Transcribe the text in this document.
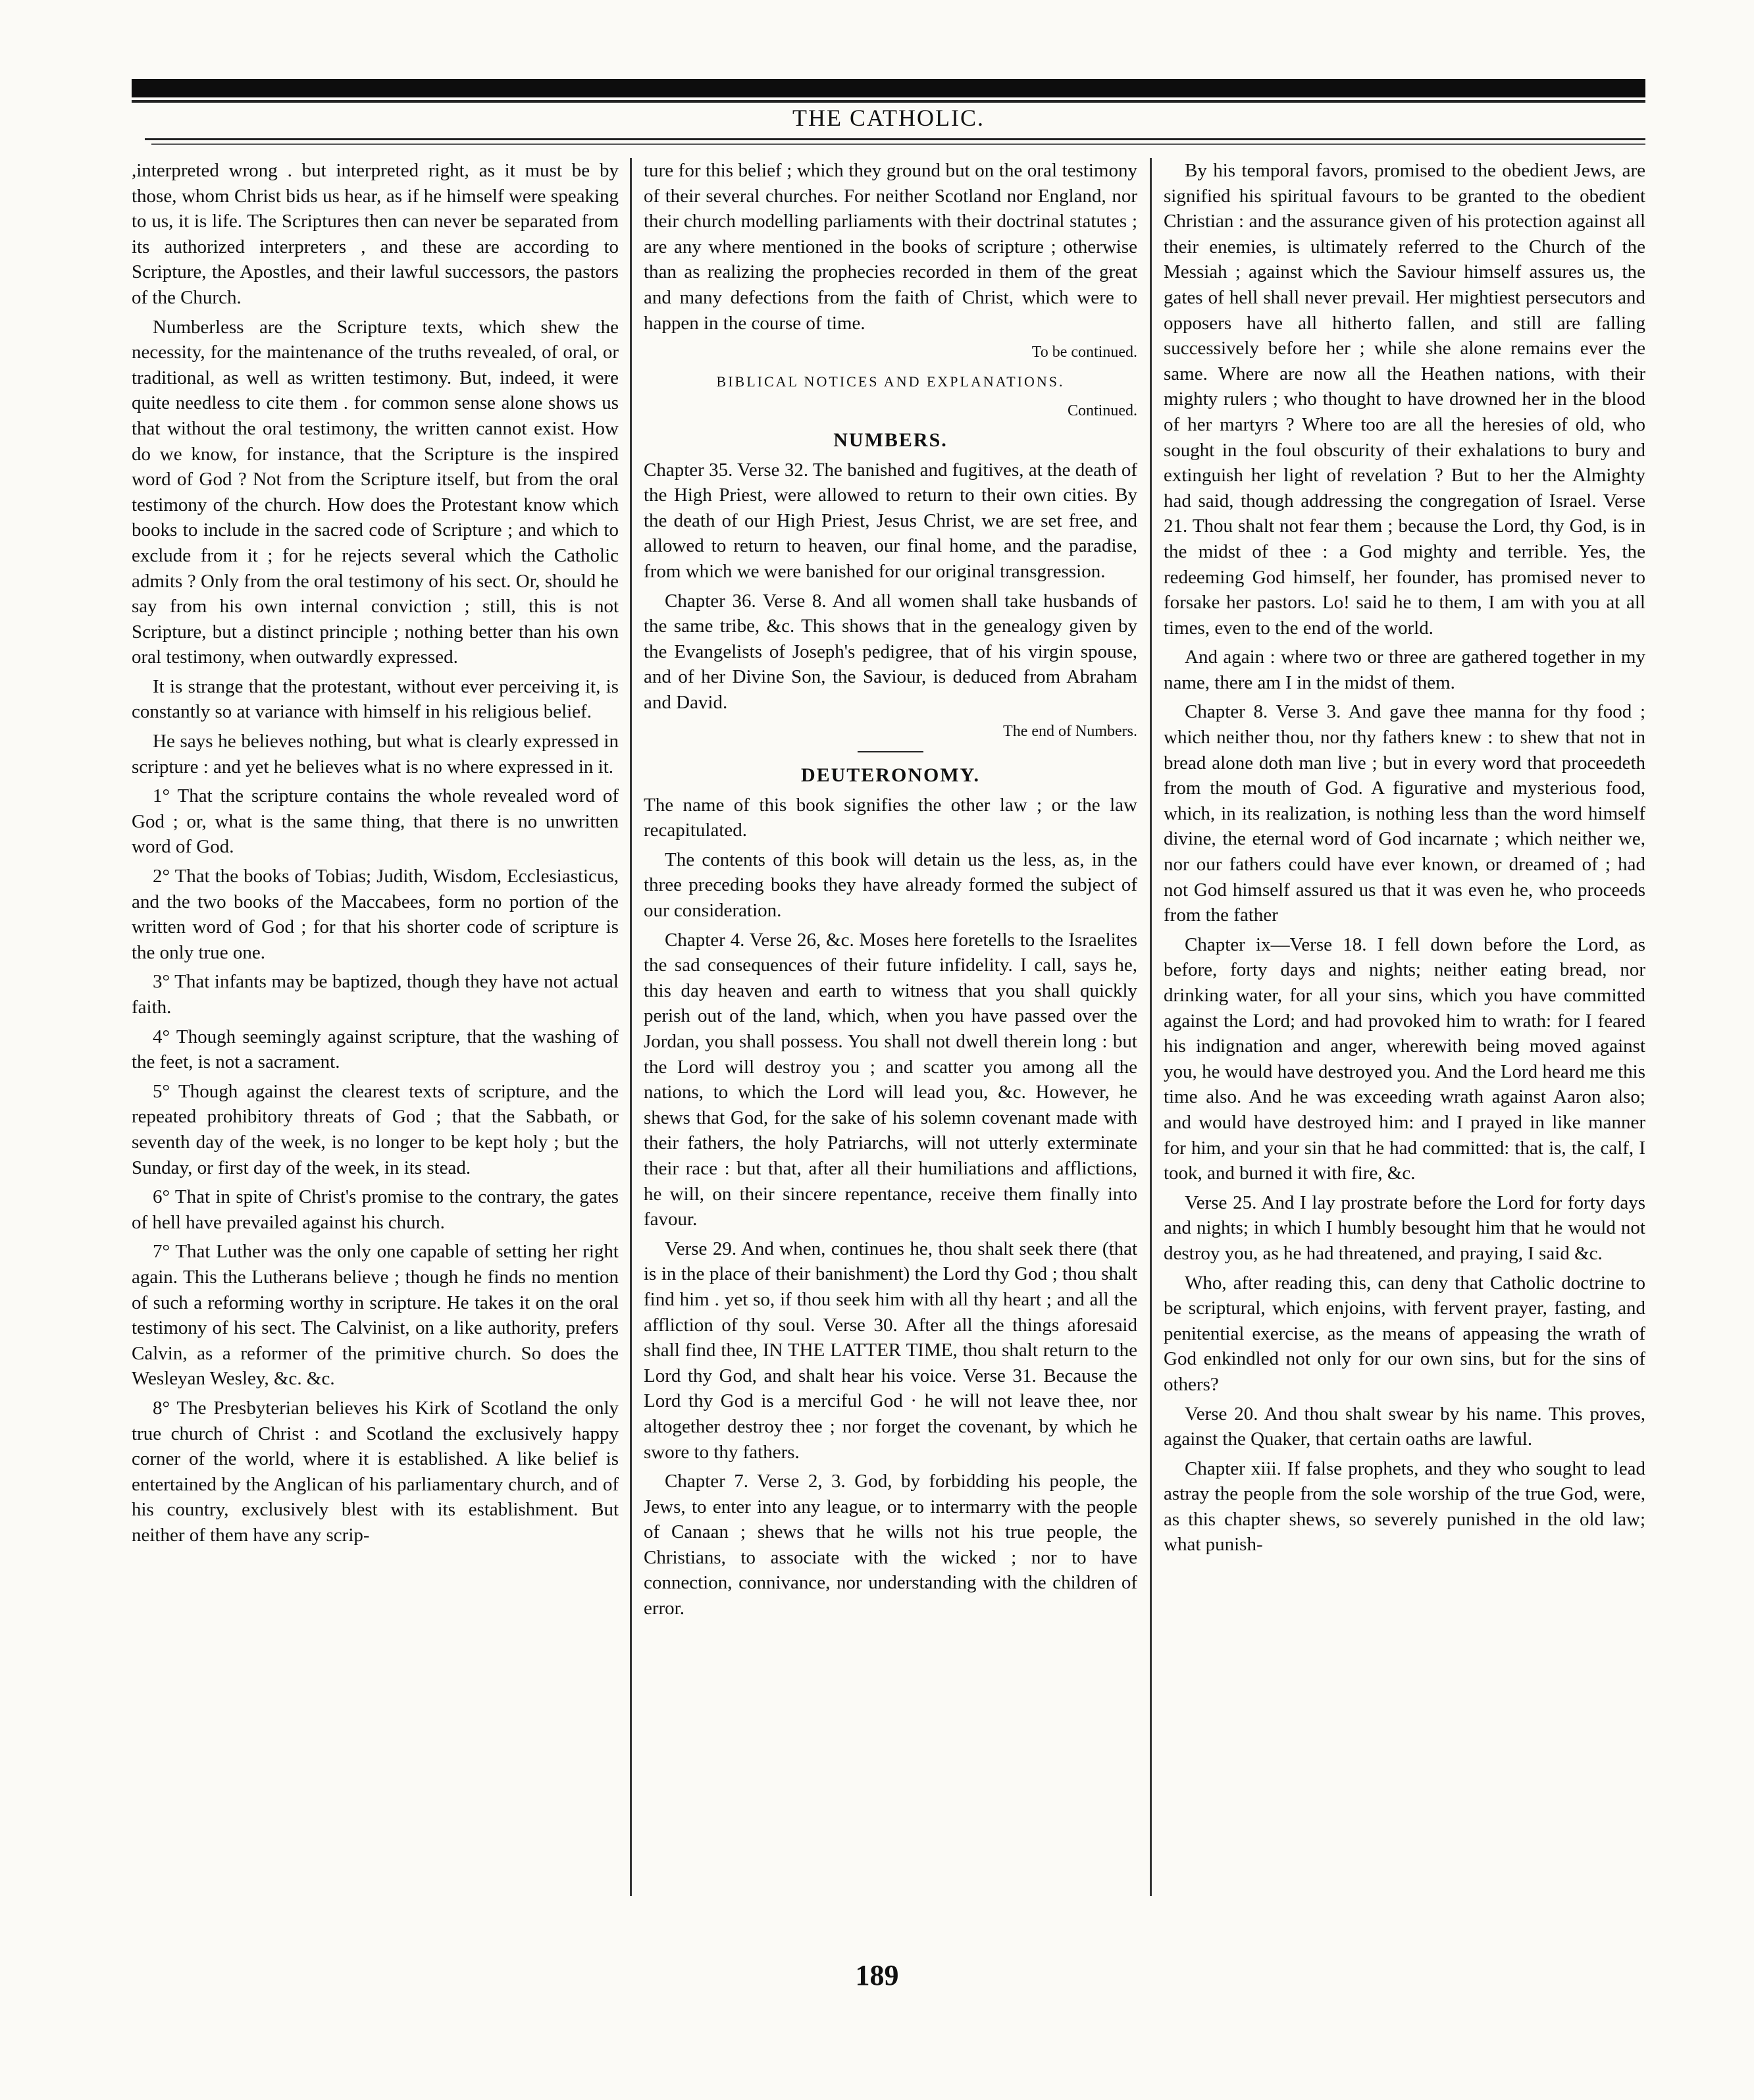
THE CATHOLIC.

,interpreted wrong . but interpreted right, as it must be by those, whom Christ bids us hear, as if he himself were speaking to us, it is life. The Scriptures then can never be separated from its authorized interpreters , and these are according to Scripture, the Apostles, and their lawful successors, the pastors of the Church.

Numberless are the Scripture texts, which shew the necessity, for the maintenance of the truths revealed, of oral, or traditional, as well as written testimony. But, indeed, it were quite needless to cite them . for common sense alone shows us that without the oral testimony, the written cannot exist. How do we know, for instance, that the Scripture is the inspired word of God ? Not from the Scripture itself, but from the oral testimony of the church. How does the Protestant know which books to include in the sacred code of Scripture ; and which to exclude from it ; for he rejects several which the Catholic admits ? Only from the oral testimony of his sect. Or, should he say from his own internal conviction ; still, this is not Scripture, but a distinct principle ; nothing better than his own oral testimony, when outwardly expressed.

It is strange that the protestant, without ever perceiving it, is constantly so at variance with himself in his religious belief.

He says he believes nothing, but what is clearly expressed in scripture : and yet he believes what is no where expressed in it.

1° That the scripture contains the whole revealed word of God ; or, what is the same thing, that there is no unwritten word of God.

2° That the books of Tobias; Judith, Wisdom, Ecclesiasticus, and the two books of the Maccabees, form no portion of the written word of God ; for that his shorter code of scripture is the only true one.

3° That infants may be baptized, though they have not actual faith.

4° Though seemingly against scripture, that the washing of the feet, is not a sacrament.

5° Though against the clearest texts of scripture, and the repeated prohibitory threats of God ; that the Sabbath, or seventh day of the week, is no longer to be kept holy ; but the Sunday, or first day of the week, in its stead.

6° That in spite of Christ's promise to the contrary, the gates of hell have prevailed against his church.

7° That Luther was the only one capable of setting her right again. This the Lutherans believe ; though he finds no mention of such a reforming worthy in scripture. He takes it on the oral testimony of his sect. The Calvinist, on a like authority, prefers Calvin, as a reformer of the primitive church. So does the Wesleyan Wesley, &c. &c.

8° The Presbyterian believes his Kirk of Scotland the only true church of Christ : and Scotland the exclusively happy corner of the world, where it is established. A like belief is entertained by the Anglican of his parliamentary church, and of his country, exclusively blest with its establishment. But neither of them have any scrip-

ture for this belief ; which they ground but on the oral testimony of their several churches. For neither Scotland nor England, nor their church modelling parliaments with their doctrinal statutes ; are any where mentioned in the books of scripture ; otherwise than as realizing the prophecies recorded in them of the great and many defections from the faith of Christ, which were to happen in the course of time.

To be continued.

BIBLICAL NOTICES AND EXPLANATIONS.

Continued.

NUMBERS.

Chapter 35. Verse 32. The banished and fugitives, at the death of the High Priest, were allowed to return to their own cities. By the death of our High Priest, Jesus Christ, we are set free, and allowed to return to heaven, our final home, and the paradise, from which we were banished for our original transgression.

Chapter 36. Verse 8. And all women shall take husbands of the same tribe, &c. This shows that in the genealogy given by the Evangelists of Joseph's pedigree, that of his virgin spouse, and of her Divine Son, the Saviour, is deduced from Abraham and David.

The end of Numbers.

DEUTERONOMY.

The name of this book signifies the other law ; or the law recapitulated.

The contents of this book will detain us the less, as, in the three preceding books they have already formed the subject of our consideration.

Chapter 4. Verse 26, &c. Moses here foretells to the Israelites the sad consequences of their future infidelity. I call, says he, this day heaven and earth to witness that you shall quickly perish out of the land, which, when you have passed over the Jordan, you shall possess. You shall not dwell therein long : but the Lord will destroy you ; and scatter you among all the nations, to which the Lord will lead you, &c. However, he shews that God, for the sake of his solemn covenant made with their fathers, the holy Patriarchs, will not utterly exterminate their race : but that, after all their humiliations and afflictions, he will, on their sincere repentance, receive them finally into favour.

Verse 29. And when, continues he, thou shalt seek there (that is in the place of their banishment) the Lord thy God ; thou shalt find him . yet so, if thou seek him with all thy heart ; and all the affliction of thy soul. Verse 30. After all the things aforesaid shall find thee, IN THE LATTER TIME, thou shalt return to the Lord thy God, and shalt hear his voice. Verse 31. Because the Lord thy God is a merciful God · he will not leave thee, nor altogether destroy thee ; nor forget the covenant, by which he swore to thy fathers.

Chapter 7. Verse 2, 3. God, by forbidding his people, the Jews, to enter into any league, or to intermarry with the people of Canaan ; shews that he wills not his true people, the Christians, to associate with the wicked ; nor to have connection, connivance, nor understanding with the children of error.

By his temporal favors, promised to the obedient Jews, are signified his spiritual favours to be granted to the obedient Christian : and the assurance given of his protection against all their enemies, is ultimately referred to the Church of the Messiah ; against which the Saviour himself assures us, the gates of hell shall never prevail. Her mightiest persecutors and opposers have all hitherto fallen, and still are falling successively before her ; while she alone remains ever the same. Where are now all the Heathen nations, with their mighty rulers ; who thought to have drowned her in the blood of her martyrs ? Where too are all the heresies of old, who sought in the foul obscurity of their exhalations to bury and extinguish her light of revelation ? But to her the Almighty had said, though addressing the congregation of Israel. Verse 21. Thou shalt not fear them ; because the Lord, thy God, is in the midst of thee : a God mighty and terrible. Yes, the redeeming God himself, her founder, has promised never to forsake her pastors. Lo! said he to them, I am with you at all times, even to the end of the world.

And again : where two or three are gathered together in my name, there am I in the midst of them.

Chapter 8. Verse 3. And gave thee manna for thy food ; which neither thou, nor thy fathers knew : to shew that not in bread alone doth man live ; but in every word that proceedeth from the mouth of God. A figurative and mysterious food, which, in its realization, is nothing less than the word himself divine, the eternal word of God incarnate ; which neither we, nor our fathers could have ever known, or dreamed of ; had not God himself assured us that it was even he, who proceeds from the father

Chapter ix—Verse 18. I fell down before the Lord, as before, forty days and nights; neither eating bread, nor drinking water, for all your sins, which you have committed against the Lord; and had provoked him to wrath: for I feared his indignation and anger, wherewith being moved against you, he would have destroyed you. And the Lord heard me this time also. And he was exceeding wrath against Aaron also; and would have destroyed him: and I prayed in like manner for him, and your sin that he had committed: that is, the calf, I took, and burned it with fire, &c.

Verse 25. And I lay prostrate before the Lord for forty days and nights; in which I humbly besought him that he would not destroy you, as he had threatened, and praying, I said &c.

Who, after reading this, can deny that Catholic doctrine to be scriptural, which enjoins, with fervent prayer, fasting, and penitential exercise, as the means of appeasing the wrath of God enkindled not only for our own sins, but for the sins of others?

Verse 20. And thou shalt swear by his name. This proves, against the Quaker, that certain oaths are lawful.

Chapter xiii. If false prophets, and they who sought to lead astray the people from the sole worship of the true God, were, as this chapter shews, so severely punished in the old law; what punish-

189
